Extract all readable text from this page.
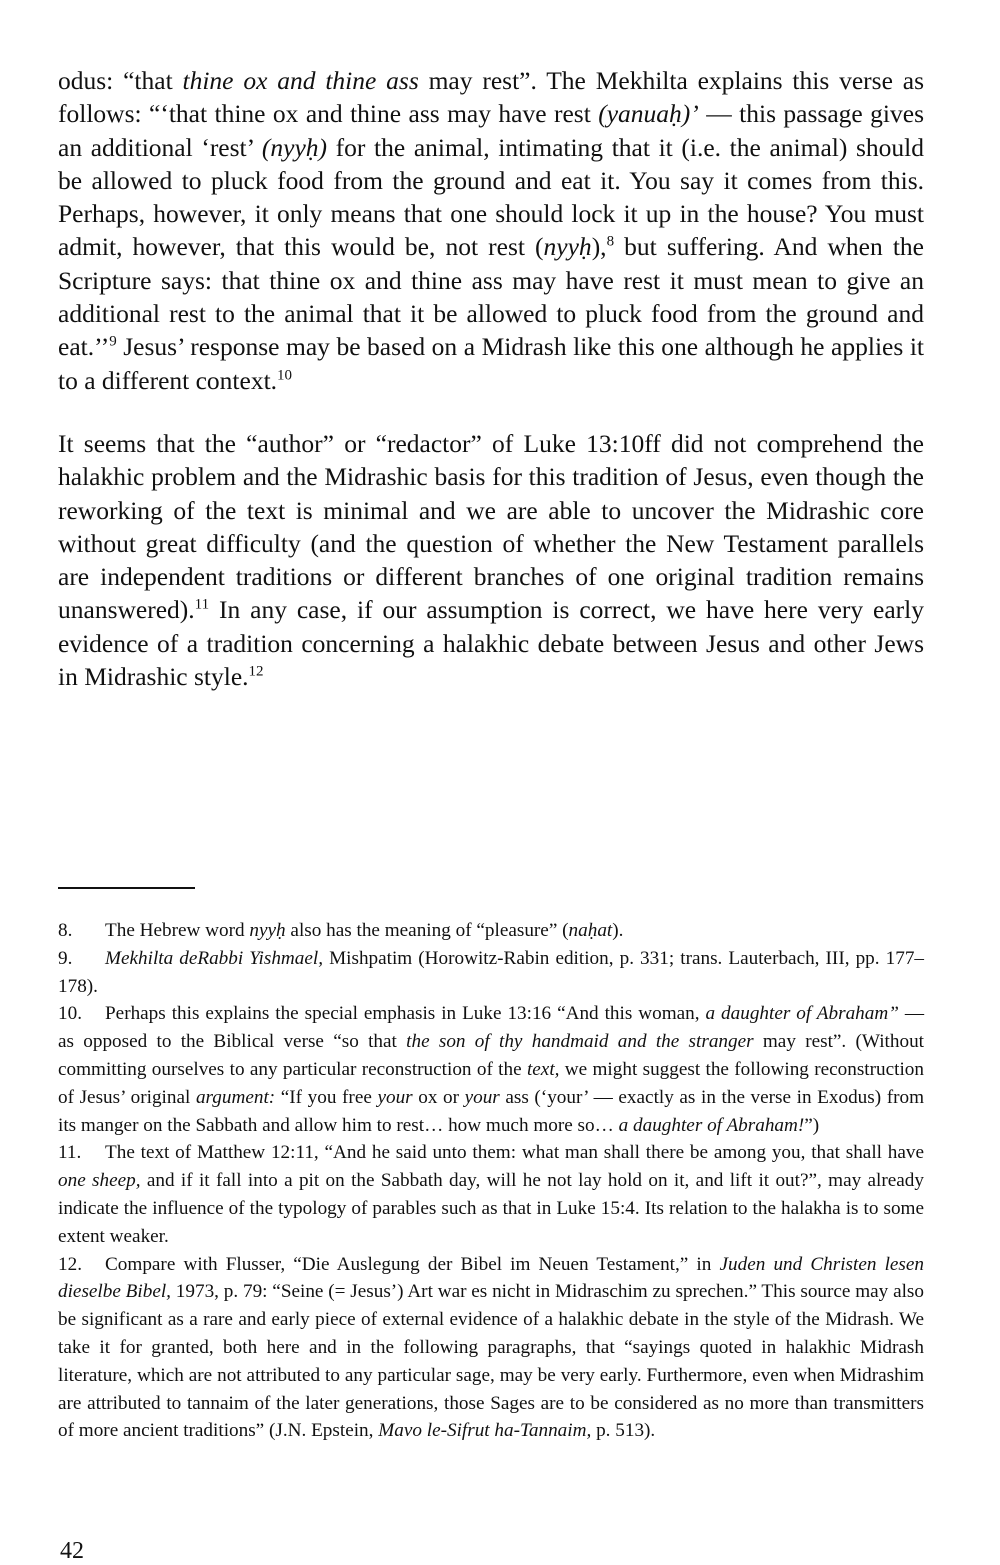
odus: “that thine ox and thine ass may rest”. The Mekhilta explains this verse as follows: “‘that thine ox and thine ass may have rest (yanuaḥ)’ — this passage gives an additional ‘rest’ (nyyḥ) for the animal, intimating that it (i.e. the animal) should be allowed to pluck food from the ground and eat it. You say it comes from this. Perhaps, however, it only means that one should lock it up in the house? You must admit, however, that this would be, not rest (nyyḥ),$^8$ but suffering. And when the Scripture says: that thine ox and thine ass may have rest it must mean to give an additional rest to the animal that it be allowed to pluck food from the ground and eat.’’$^9$ Jesus’ response may be based on a Midrash like this one although he applies it to a different context.$^{10}$

It seems that the “author” or “redactor” of Luke 13:10ff did not comprehend the halakhic problem and the Midrashic basis for this tradition of Jesus, even though the reworking of the text is minimal and we are able to uncover the Midrashic core without great difficulty (and the question of whether the New Testament parallels are independent traditions or different branches of one original tradition remains unanswered).$^{11}$ In any case, if our assumption is correct, we have here very early evidence of a tradition concerning a halakhic debate between Jesus and other Jews in Midrashic style.$^{12}$

8. The Hebrew word nyyḥ also has the meaning of “pleasure” (naḥat).

9. Mekhilta deRabbi Yishmael, Mishpatim (Horowitz-Rabin edition, p. 331; trans. Lauterbach, III, pp. 177–178).

10. Perhaps this explains the special emphasis in Luke 13:16 “And this woman, a daughter of Abraham” — as opposed to the Biblical verse “so that the son of thy handmaid and the stranger may rest”. (Without committing ourselves to any particular reconstruction of the text, we might suggest the following reconstruction of Jesus’ original argument: “If you free your ox or your ass (‘your’ — exactly as in the verse in Exodus) from its manger on the Sabbath and allow him to rest… how much more so… a daughter of Abraham!”)

11. The text of Matthew 12:11, “And he said unto them: what man shall there be among you, that shall have one sheep, and if it fall into a pit on the Sabbath day, will he not lay hold on it, and lift it out?”, may already indicate the influence of the typology of parables such as that in Luke 15:4. Its relation to the halakha is to some extent weaker.

12. Compare with Flusser, “Die Auslegung der Bibel im Neuen Testament,” in Juden und Christen lesen dieselbe Bibel, 1973, p. 79: “Seine (= Jesus’) Art war es nicht in Midraschim zu sprechen.” This source may also be significant as a rare and early piece of external evidence of a halakhic debate in the style of the Midrash. We take it for granted, both here and in the following paragraphs, that “sayings quoted in halakhic Midrash literature, which are not attributed to any particular sage, may be very early. Furthermore, even when Midrashim are attributed to tannaim of the later generations, those Sages are to be considered as no more than transmitters of more ancient traditions” (J.N. Epstein, Mavo le-Sifrut ha-Tannaim, p. 513).

42
